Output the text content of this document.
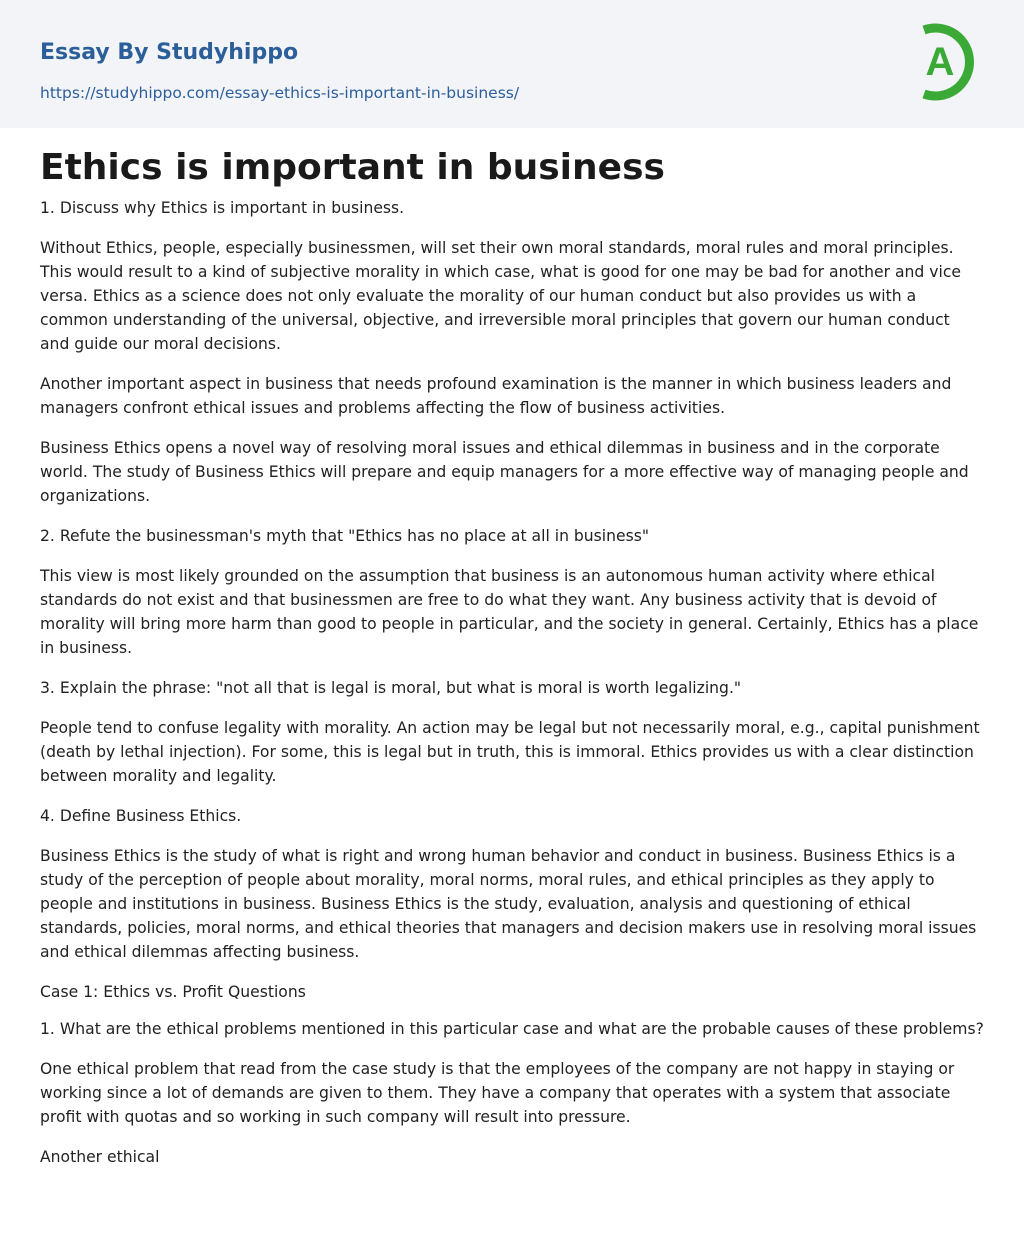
Essay By Studyhippo
https://studyhippo.com/essay-ethics-is-important-in-business/
A
Ethics is important in business

1. Discuss why Ethics is important in business.

Without Ethics, people, especially businessmen, will set their own moral standards, moral rules and moral principles. This would result to a kind of subjective morality in which case, what is good for one may be bad for another and vice versa. Ethics as a science does not only evaluate the morality of our human conduct but also provides us with a common understanding of the universal, objective, and irreversible moral principles that govern our human conduct and guide our moral decisions.

Another important aspect in business that needs profound examination is the manner in which business leaders and managers confront ethical issues and problems affecting the flow of business activities.

Business Ethics opens a novel way of resolving moral issues and ethical dilemmas in business and in the corporate world. The study of Business Ethics will prepare and equip managers for a more effective way of managing people and organizations.

2. Refute the businessman's myth that "Ethics has no place at all in business"

This view is most likely grounded on the assumption that business is an autonomous human activity where ethical standards do not exist and that businessmen are free to do what they want. Any business activity that is devoid of morality will bring more harm than good to people in particular, and the society in general. Certainly, Ethics has a place in business.

3. Explain the phrase: "not all that is legal is moral, but what is moral is worth legalizing."

People tend to confuse legality with morality. An action may be legal but not necessarily moral, e.g., capital punishment (death by lethal injection). For some, this is legal but in truth, this is immoral. Ethics provides us with a clear distinction between morality and legality.

4. Define Business Ethics.

Business Ethics is the study of what is right and wrong human behavior and conduct in business. Business Ethics is a study of the perception of people about morality, moral norms, moral rules, and ethical principles as they apply to people and institutions in business. Business Ethics is the study, evaluation, analysis and questioning of ethical standards, policies, moral norms, and ethical theories that managers and decision makers use in resolving moral issues and ethical dilemmas affecting business.

Case 1: Ethics vs. Profit Questions

1. What are the ethical problems mentioned in this particular case and what are the probable causes of these problems?

One ethical problem that read from the case study is that the employees of the company are not happy in staying or working since a lot of demands are given to them. They have a company that operates with a system that associate profit with quotas and so working in such company will result into pressure.

Another ethical
